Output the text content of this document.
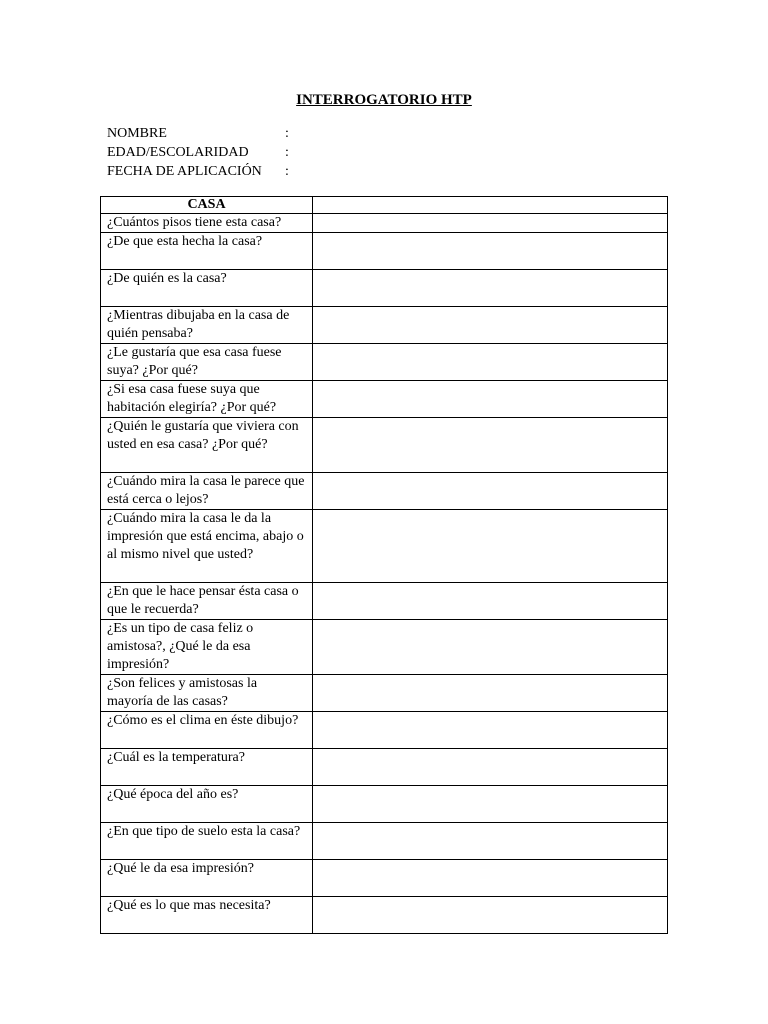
INTERROGATORIO HTP
NOMBRE	:
EDAD/ESCOLARIDAD	:
FECHA DE APLICACIÓN :
CASA	
¿Cuántos pisos tiene esta casa?	
¿De que esta hecha la casa?	
¿De quién es la casa?	
¿Mientras dibujaba en la casa de quién pensaba?	
¿Le gustaría que esa casa fuese suya? ¿Por qué?	
¿Si esa casa fuese suya que habitación elegiría? ¿Por qué?	
¿Quién le gustaría que viviera con usted en esa casa? ¿Por qué?	
¿Cuándo mira la casa le parece que está cerca o lejos?	
¿Cuándo mira la casa le da la impresión que está encima, abajo o al mismo nivel que usted?	
¿En que le hace pensar ésta casa o que le recuerda?	
¿Es un tipo de casa feliz o amistosa?, ¿Qué le da esa impresión?	
¿Son felices y amistosas la mayoría de las casas?	
¿Cómo es el clima en éste dibujo?	
¿Cuál es la temperatura?	
¿Qué época del año es?	
¿En que tipo de suelo esta la casa?	
¿Qué le da esa impresión?	
¿Qué es lo que mas necesita?	
